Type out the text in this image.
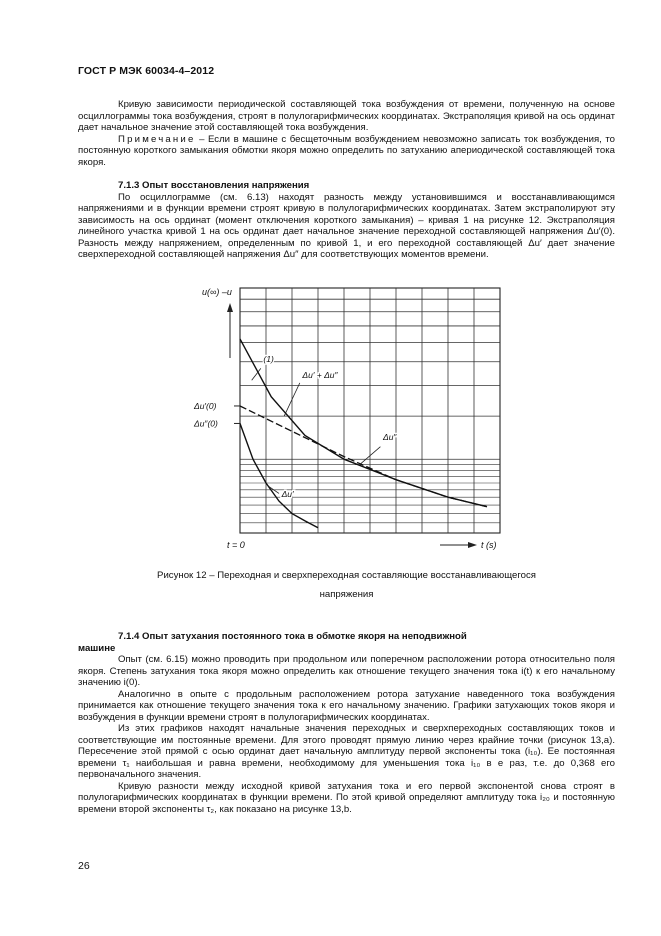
ГОСТ Р МЭК 60034-4–2012

Кривую зависимости периодической составляющей тока возбуждения от времени, полученную на основе осциллограммы тока возбуждения, строят в полулогарифмических координатах. Экстраполяция кривой на ось ординат дает начальное значение этой составляющей тока возбуждения.

Примечание – Если в машине с бесщеточным возбуждением невозможно записать ток возбуждения, то постоянную короткого замыкания обмотки якоря можно определить по затуханию апериодической составляющей тока якоря.

7.1.3 Опыт восстановления напряжения

По осциллограмме (см. 6.13) находят разность между установившимся и восстанавливающимся напряжениями и в функции времени строят кривую в полулогарифмических координатах. Затем экстраполируют эту зависимость на ось ординат (момент отключения короткого замыкания) – кривая 1 на рисунке 12. Экстраполяция линейного участка кривой 1 на ось ординат дает начальное значение переходной составляющей напряжения Δu′(0). Разность между напряжением, определенным по кривой 1, и его переходной составляющей Δu′ дает значение сверхпереходной составляющей напряжения Δu″ для соответствующих моментов времени.

u(∞) –u
t (s)
t = 0
Δu′(0)
Δu″(0)
(1)
Δu′ + Δu″
Δu″
Δu′
Рисунок 12 – Переходная и сверхпереходная составляющие восстанавливающегося
напряжения

7.1.4 Опыт затухания постоянного тока в обмотке якоря на неподвижной
машине

Опыт (см. 6.15) можно проводить при продольном или поперечном расположении ротора относительно поля якоря. Степень затухания тока якоря можно определить как отношение текущего значения тока i(t) к его начальному значению i(0).

Аналогично в опыте с продольным расположением ротора затухание наведенного тока возбуждения принимается как отношение текущего значения тока к его начальному значению. Графики затухающих токов якоря и возбуждения в функции времени строят в полулогарифмических координатах.

Из этих графиков находят начальные значения переходных и сверхпереходных составляющих токов и соответствующие им постоянные времени. Для этого проводят прямую линию через крайние точки (рисунок 13,a). Пересечение этой прямой с осью ординат дает начальную амплитуду первой экспоненты тока (i₁₀). Ее постоянная времени τ₁ наибольшая и равна времени, необходимому для уменьшения тока i₁₀ в e раз, т.е. до 0,368 его первоначального значения.

Кривую разности между исходной кривой затухания тока и его первой экспонентой снова строят в полулогарифмических координатах в функции времени. По этой кривой определяют амплитуду тока i₂₀ и постоянную времени второй экспоненты τ₂, как показано на рисунке 13,b.

26
